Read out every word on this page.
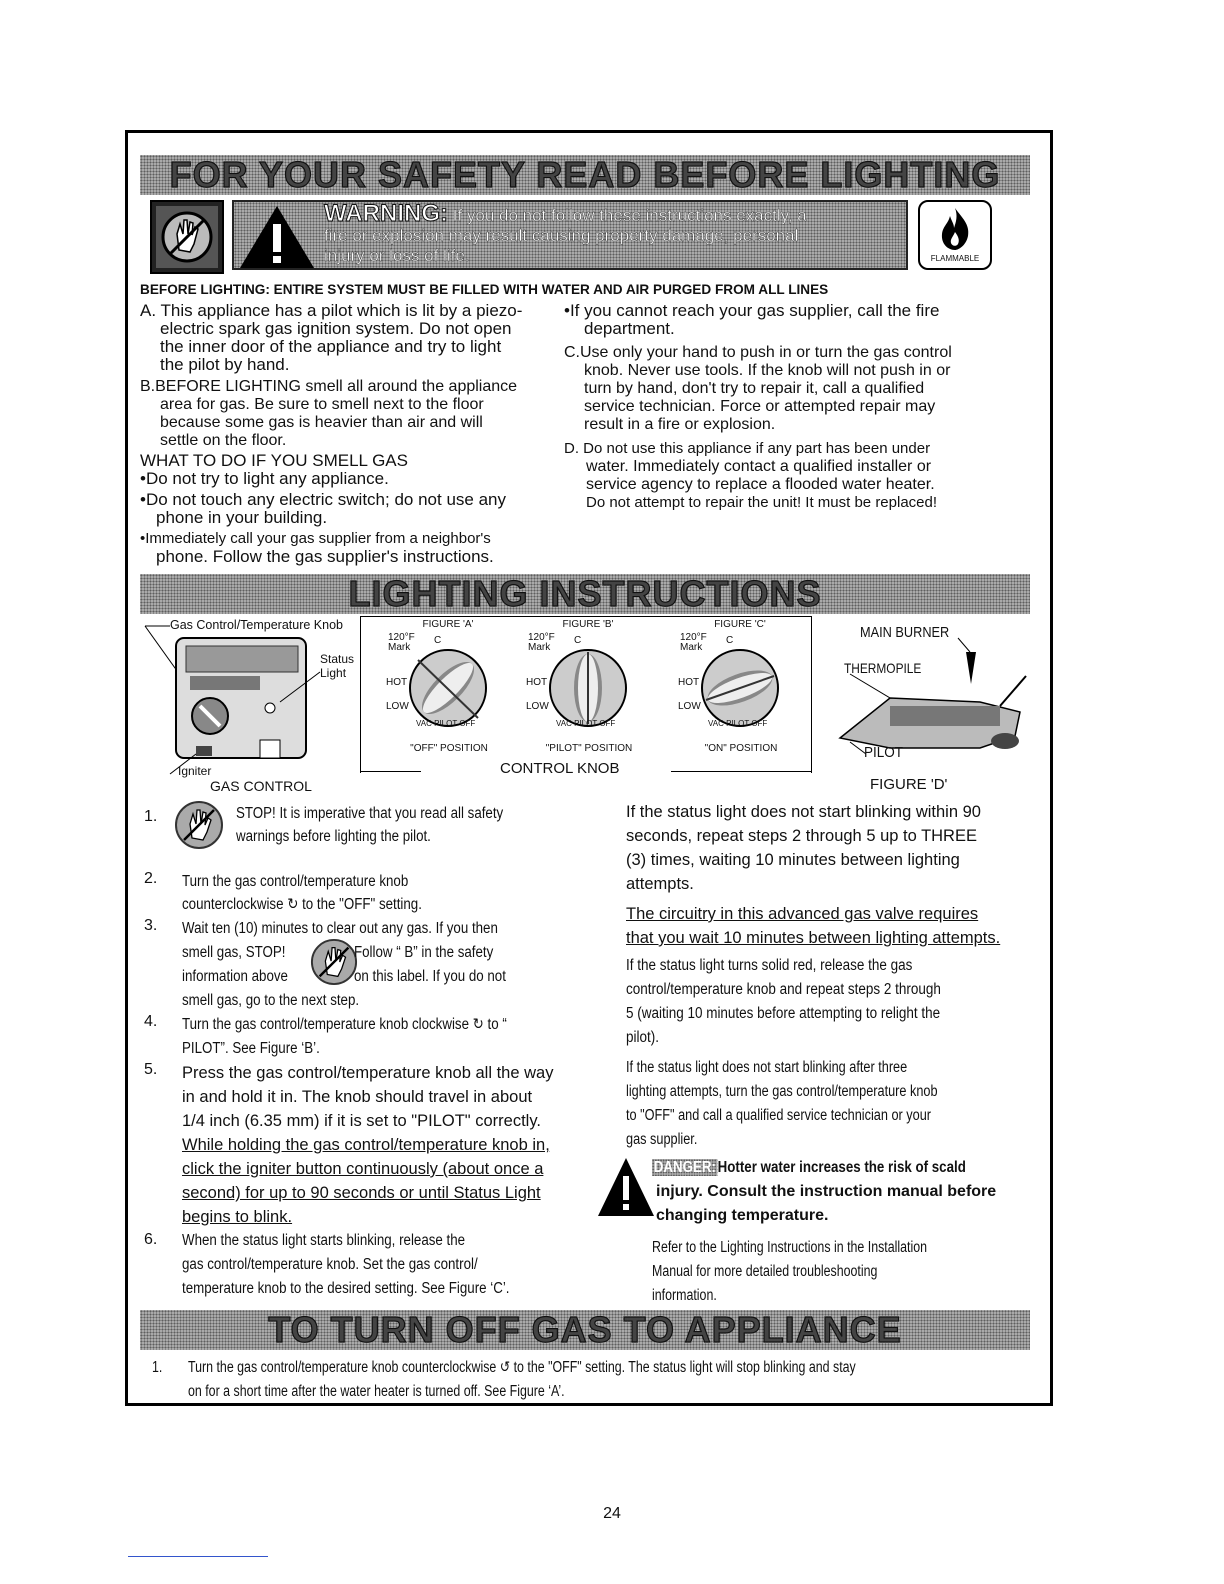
FOR YOUR SAFETY READ BEFORE LIGHTING
WARNING: If you do not follow these instructions exactly, a
fire or explosion may result causing property damage, personal
injury or loss of life.	FLAMMABLE
BEFORE LIGHTING: ENTIRE SYSTEM MUST BE FILLED WITH WATER AND AIR PURGED FROM ALL LINES
A. This appliance has a pilot which is lit by a piezo-
electric spark gas ignition system. Do not open
the inner door of the appliance and try to light
the pilot by hand.
B.BEFORE LIGHTING smell all around the appliance
area for gas. Be sure to smell next to the floor
because some gas is heavier than air and will
settle on the floor.
WHAT TO DO IF YOU SMELL GAS
•Do not try to light any appliance.
•Do not touch any electric switch; do not use any
phone in your building.
•Immediately call your gas supplier from a neighbor's
phone. Follow the gas supplier's instructions.
•If you cannot reach your gas supplier, call the fire
department.
C.Use only your hand to push in or turn the gas control
knob. Never use tools. If the knob will not push in or
turn by hand, don't try to repair it, call a qualified
service technician. Force or attempted repair may
result in a fire or explosion.
D. Do not use this appliance if any part has been under
water. Immediately contact a qualified installer or
service agency to replace a flooded water heater.
Do not attempt to repair the unit! It must be replaced!
LIGHTING INSTRUCTIONS
Gas Control/Temperature Knob
Status
Light
Igniter
GAS CONTROL
CONTROL KNOB
FIGURE 'A'
120°F
Mark
C
HOT
LOW
VAC PILOT OFF
"OFF" POSITION
FIGURE 'B'
120°F
Mark
C
HOT
LOW
VAC PILOT OFF
"PILOT" POSITION
FIGURE 'C'
120°F
Mark
C
HOT
LOW
VAC PILOT OFF
"ON" POSITION
MAIN BURNER
THERMOPILE
PILOT
FIGURE 'D'
1.	STOP! It is imperative that you read all safety
warnings before lighting the pilot.
2. Turn the gas control/temperature knob
counterclockwise ↻ to the "OFF" setting.
3. Wait ten (10) minutes to clear out any gas. If you then
smell gas, STOP!	Follow “ B” in the safety
information above	on this label. If you do not
smell gas, go to the next step.
4. Turn the gas control/temperature knob clockwise ↻ to “
PILOT”. See Figure ‘B’.
5. Press the gas control/temperature knob all the way
in and hold it in. The knob should travel in about
1/4 inch (6.35 mm) if it is set to "PILOT" correctly.
While holding the gas control/temperature knob in,
click the igniter button continuously (about once a
second) for up to 90 seconds or until Status Light
begins to blink.
6. When the status light starts blinking, release the
gas control/temperature knob. Set the gas control/
temperature knob to the desired setting. See Figure ‘C’.
If the status light does not start blinking within 90
seconds, repeat steps 2 through 5 up to THREE
(3) times, waiting 10 minutes between lighting
attempts.
The circuitry in this advanced gas valve requires
that you wait 10 minutes between lighting attempts.
If the status light turns solid red, release the gas
control/temperature knob and repeat steps 2 through
5 (waiting 10 minutes before attempting to relight the
pilot).
If the status light does not start blinking after three
lighting attempts, turn the gas control/temperature knob
to "OFF" and call a qualified service technician or your
gas supplier.
DANGER: Hotter water increases the risk of scald
injury. Consult the instruction manual before
changing temperature.
Refer to the Lighting Instructions in the Installation
Manual for more detailed troubleshooting
information.
TO TURN OFF GAS TO APPLIANCE
1. Turn the gas control/temperature knob counterclockwise ↺ to the "OFF" setting. The status light will stop blinking and stay
on for a short time after the water heater is turned off. See Figure ‘A’.
24
